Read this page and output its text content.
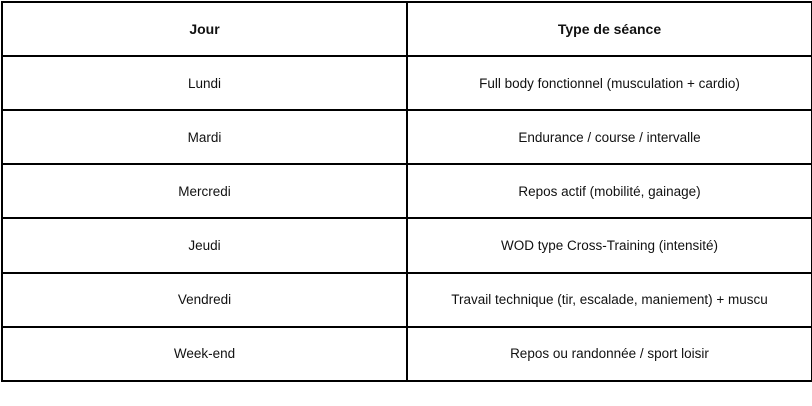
Jour	Type de séance
Lundi	Full body fonctionnel (musculation + cardio)
Mardi	Endurance / course / intervalle
Mercredi	Repos actif (mobilité, gainage)
Jeudi	WOD type Cross-Training (intensité)
Vendredi	Travail technique (tir, escalade, maniement) + muscu
Week-end	Repos ou randonnée / sport loisir
